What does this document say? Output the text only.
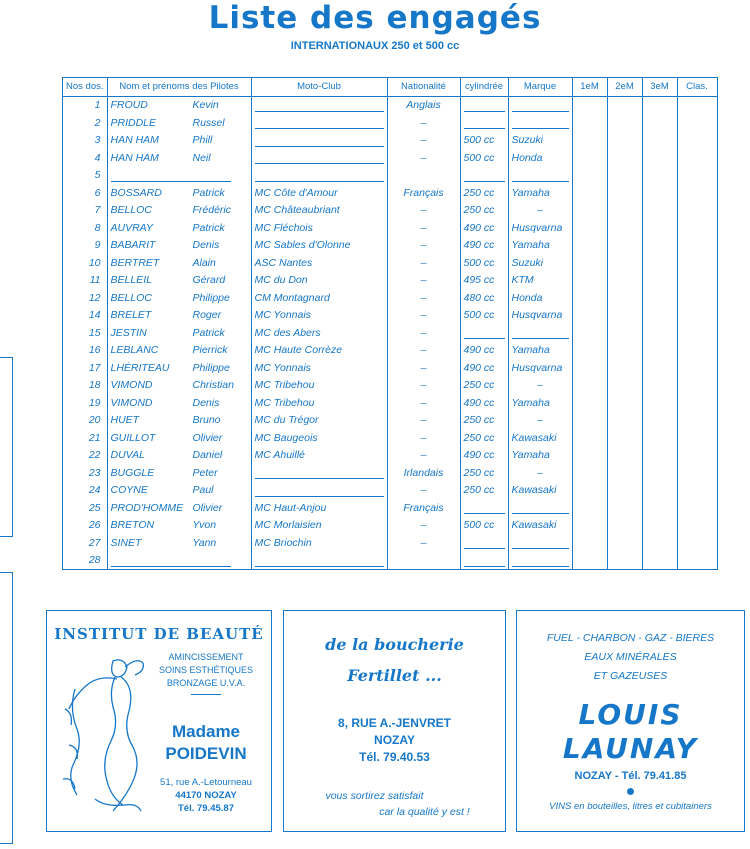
Liste des engagés
INTERNATIONAUX 250 et 500 cc
Nos dos.	Nom et prénoms des Pilotes	Moto-Club	Nationalité	cylindrée	Marque	1eM	2eM	3eM	Clas.
1	FROUD Kevin		Anglais						
2	PRIDDLE Russel		–						
3	HAN HAM Phill		–	500 cc	Suzuki				
4	HAN HAM Neil		–	500 cc	Honda				
5									
6	BOSSARD Patrick	MC Côte d'Amour	Français	250 cc	Yamaha				
7	BELLOC Frédéric	MC Châteaubriant	–	250 cc	–				

8	AUVRAY Patrick	MC Fléchois	–	490 cc	Husqvarna				
9	BABARIT Denis	MC Sables d'Olonne	–	490 cc	Yamaha				
10	BERTRET Alain	ASC Nantes	–	500 cc	Suzuki				
11	BELLEIL Gérard	MC du Don	–	495 cc	KTM				
12	BELLOC Philippe	CM Montagnard	–	480 cc	Honda				
14	BRELET Roger	MC Yonnais	–	500 cc	Husqvarna				
15	JESTIN Patrick	MC des Abers	–						
16	LEBLANC Pierrick	MC Haute Corrèze	–	490 cc	Yamaha				
17	LHÉRITEAU Philippe	MC Yonnais	–	490 cc	Husqvarna				
18	VIMOND Christian	MC Tribehou	–	250 cc	–				

19	VIMOND Denis	MC Tribehou	–	490 cc	Yamaha				
20	HUET Bruno	MC du Trégor	–	250 cc	–				

21	GUILLOT Olivier	MC Baugeois	–	250 cc	Kawasaki				
22	DUVAL Daniel	MC Ahuillé	–	490 cc	Yamaha				
23	BUGGLE Peter		Irlandais	250 cc	–				

24	COYNE Paul		–	250 cc	Kawasaki				
25	PROD'HOMME Olivier	MC Haut-Anjou	Français						
26	BRETON Yvon	MC Morlaisien	–	500 cc	Kawasaki				
27	SINET Yann	MC Briochin	–						
28									
INSTITUT DE BEAUTÉ
AMINCISSEMENT
SOINS ESTHÉTIQUES
BRONZAGE U.V.A.
Madame
POIDEVIN
51, rue A.-Letourneau
44170 NOZAY
Tél. 79.45.87
de la boucherie
Fertillet ...
8, RUE A.-JENVRET
NOZAY
Tél. 79.40.53
vous sortirez satisfait
car la qualité y est !
FUEL - CHARBON - GAZ - BIERES
EAUX MINÉRALES
ET GAZEUSES
LOUIS
LAUNAY
NOZAY - Tél. 79.41.85
VINS en bouteilles, litres et cubitainers
